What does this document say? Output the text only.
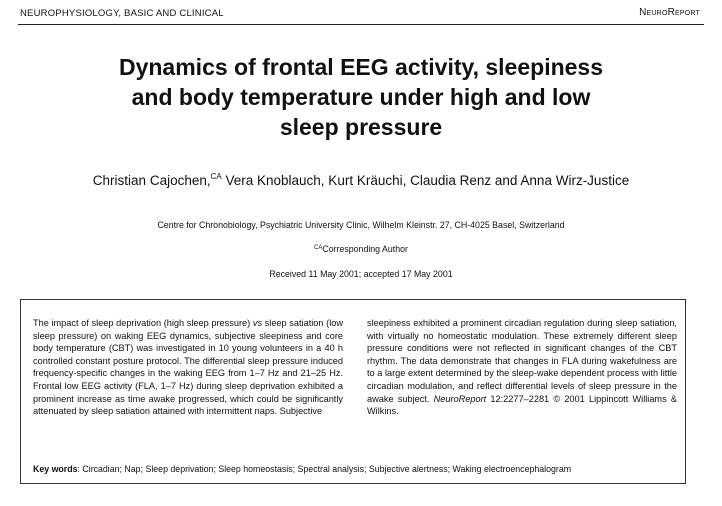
NEUROPHYSIOLOGY, BASIC AND CLINICAL	NeuroReport
Dynamics of frontal EEG activity, sleepiness
and body temperature under high and low
sleep pressure
Christian Cajochen,$^{CA}$ Vera Knoblauch, Kurt Kräuchi, Claudia Renz and Anna Wirz-Justice
Centre for Chronobiology, Psychiatric University Clinic, Wilhelm Kleinstr. 27, CH-4025 Basel, Switzerland
$^{CA}$Corresponding Author
Received 11 May 2001; accepted 17 May 2001
The impact of sleep deprivation (high sleep pressure) vs sleep satiation (low sleep pressure) on waking EEG dynamics, subjective sleepiness and core body temperature (CBT) was investigated in 10 young volunteers in a 40 h controlled constant posture protocol. The differential sleep pressure induced frequency-specific changes in the waking EEG from 1–7 Hz and 21–25 Hz. Frontal low EEG activity (FLA, 1–7 Hz) during sleep deprivation exhibited a prominent increase as time awake progressed, which could be significantly attenuated by sleep satiation attained with intermittent naps. Subjective
sleepiness exhibited a prominent circadian regulation during sleep satiation, with virtually no homeostatic modulation. These extremely different sleep pressure conditions were not reflected in significant changes of the CBT rhythm. The data demonstrate that changes in FLA during wakefulness are to a large extent determined by the sleep-wake dependent process with little circadian modulation, and reflect differential levels of sleep pressure in the awake subject. NeuroReport 12:2277–2281 © 2001 Lippincott Williams & Wilkins.
Key words: Circadian; Nap; Sleep deprivation; Sleep homeostasis; Spectral analysis; Subjective alertness; Waking electroencephalogram
